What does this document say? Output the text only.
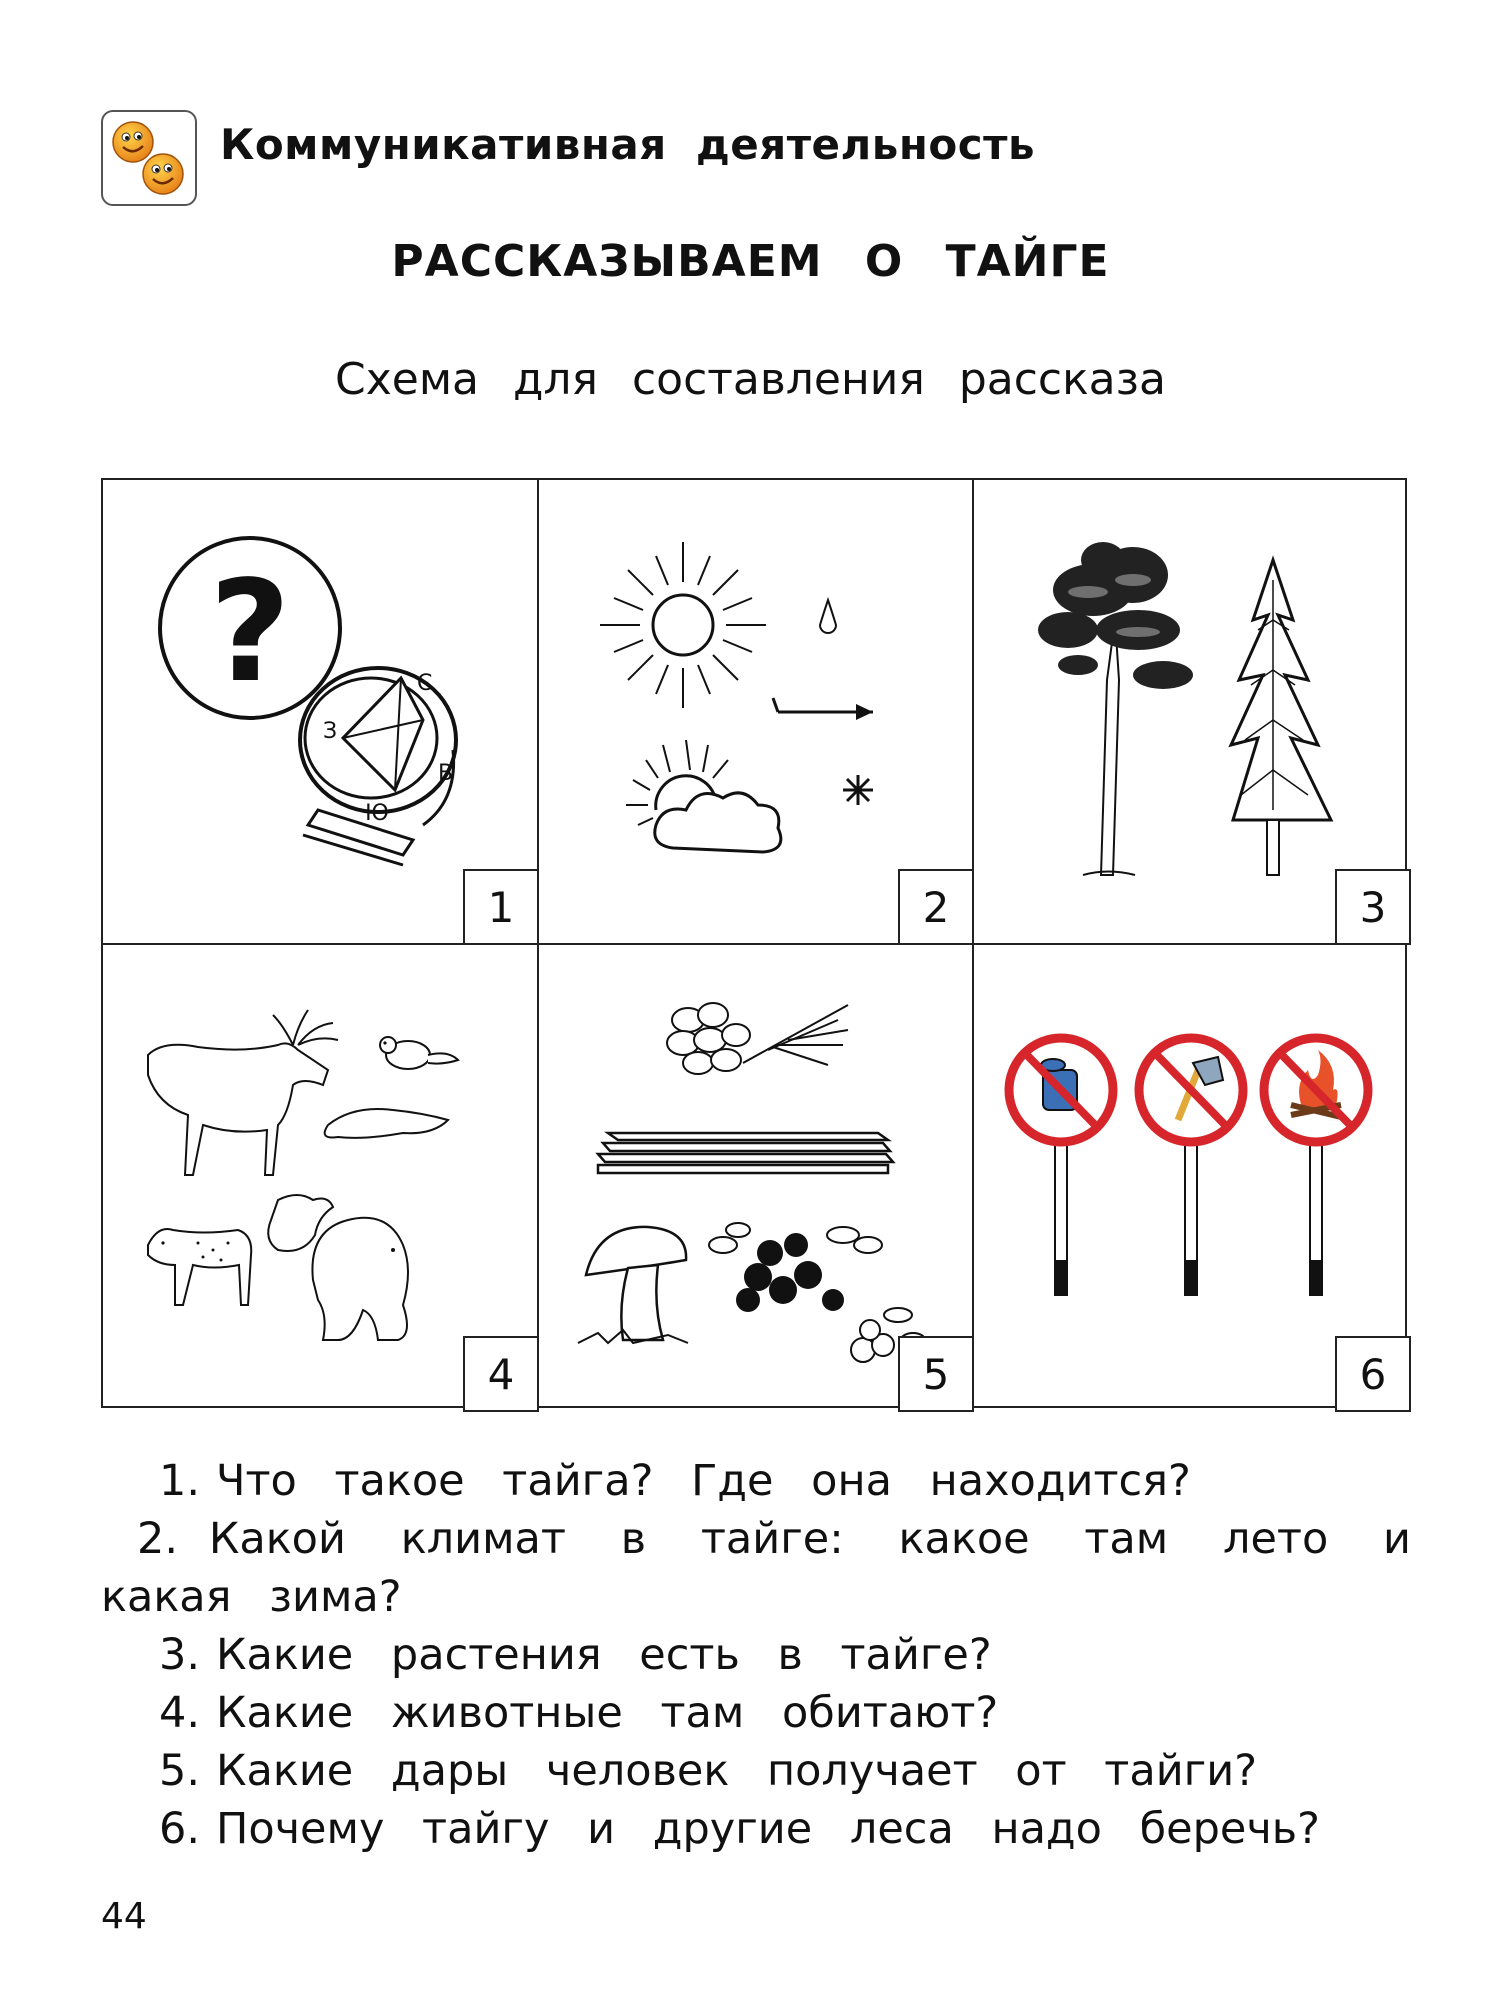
Коммуникативная деятельность
РАССКАЗЫВАЕМ О ТАЙГЕ
Схема для составления рассказа
?	С
З
В
Ю
1	2	3
4	5	6

1. Что такое тайга? Где она находится?

2. Какой климат в тайге: какое там лето и какая зима?

3. Какие растения есть в тайге?

4. Какие животные там обитают?

5. Какие дары человек получает от тайги?

6. Почему тайгу и другие леса надо беречь?

44
